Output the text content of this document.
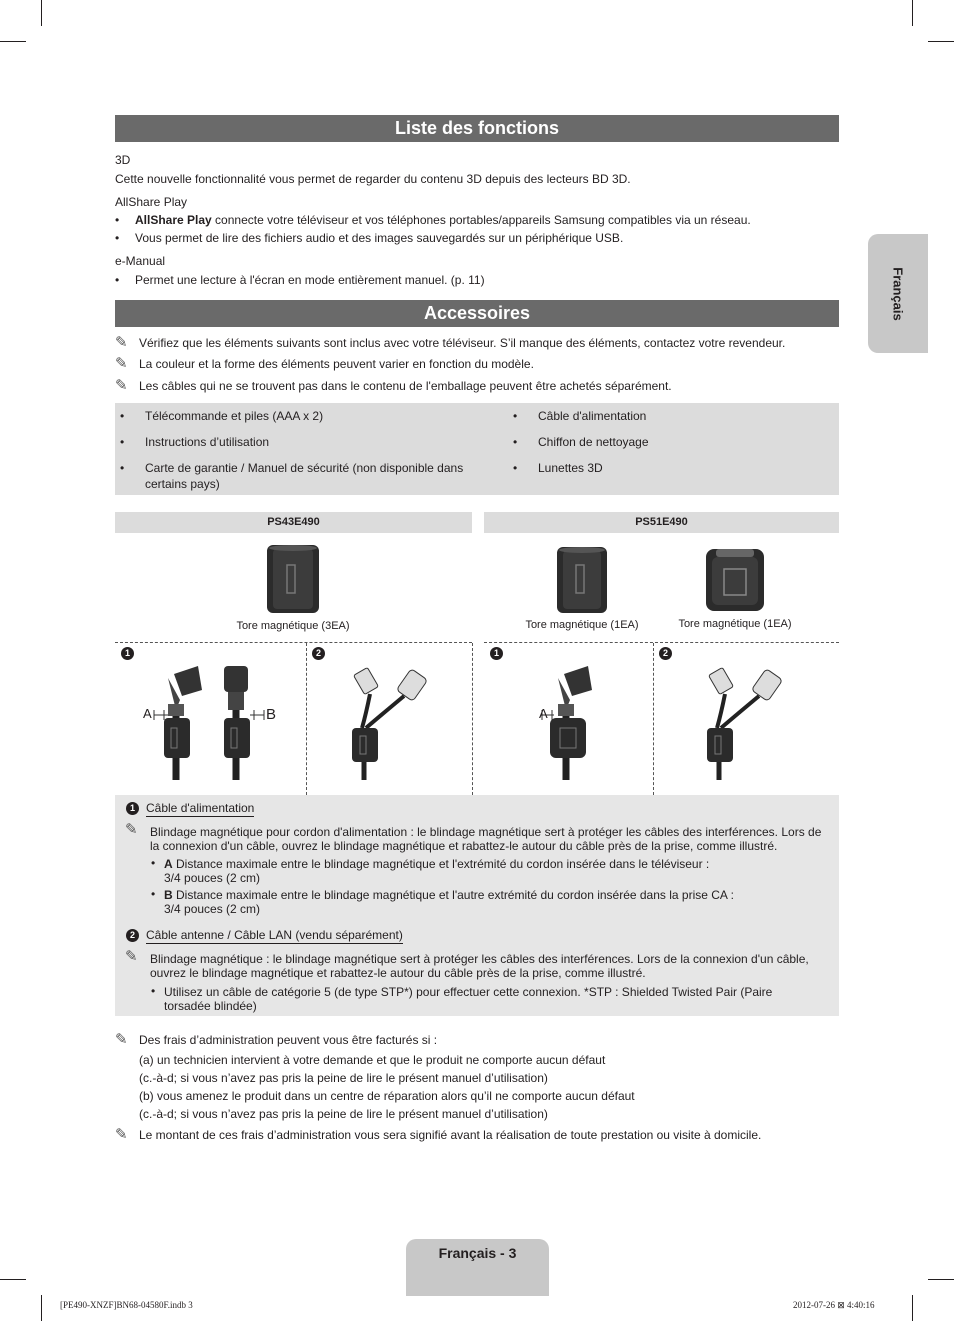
Liste des fonctions
3D
Cette nouvelle fonctionnalité vous permet de regarder du contenu 3D depuis des lecteurs BD 3D.
AllShare Play
• AllShare Play connecte votre téléviseur et vos téléphones portables/appareils Samsung compatibles via un réseau.
• Vous permet de lire des fichiers audio et des images sauvegardés sur un périphérique USB.
e-Manual
• Permet une lecture à l'écran en mode entièrement manuel. (p. 11)	Français
Accessoires
✎ Vérifiez que les éléments suivants sont inclus avec votre téléviseur. S’il manque des éléments, contactez votre revendeur.
✎ La couleur et la forme des éléments peuvent varier en fonction du modèle.
✎ Les câbles qui ne se trouvent pas dans le contenu de l'emballage peuvent être achetés séparément.
• Télécommande et piles (AAA x 2)
• Instructions d’utilisation
• Carte de garantie / Manuel de sécurité (non disponible dans certains pays)
• Câble d'alimentation
• Chiffon de nettoyage
• Lunettes 3D
PS43E490	PS51E490
Tore magnétique (3EA)	Tore magnétique (1EA)	Tore magnétique (1EA)
1	2	1	2
A	B	A
1 Câble d'alimentation
✎ Blindage magnétique pour cordon d'alimentation : le blindage magnétique sert à protéger les câbles des interférences. Lors de la connexion d'un câble, ouvrez le blindage magnétique et rabattez-le autour du câble près de la prise, comme illustré.
• A Distance maximale entre le blindage magnétique et l'extrémité du cordon insérée dans le téléviseur :
3/4 pouces (2 cm)
• B Distance maximale entre le blindage magnétique et l'autre extrémité du cordon insérée dans la prise CA :
3/4 pouces (2 cm)
2 Câble antenne / Câble LAN (vendu séparément)
✎ Blindage magnétique : le blindage magnétique sert à protéger les câbles des interférences. Lors de la connexion d'un câble, ouvrez le blindage magnétique et rabattez-le autour du câble près de la prise, comme illustré.
• Utilisez un câble de catégorie 5 (de type STP*) pour effectuer cette connexion. *STP : Shielded Twisted Pair (Paire torsadée blindée)
✎ Des frais d’administration peuvent vous être facturés si :
(a) un technicien intervient à votre demande et que le produit ne comporte aucun défaut
(c.-à-d; si vous n’avez pas pris la peine de lire le présent manuel d’utilisation)
(b) vous amenez le produit dans un centre de réparation alors qu’il ne comporte aucun défaut
(c.-à-d; si vous n’avez pas pris la peine de lire le présent manuel d’utilisation)
✎ Le montant de ces frais d’administration vous sera signifié avant la réalisation de toute prestation ou visite à domicile.
Français - 3
[PE490-XNZF]BN68-04580F.indb 3	2012-07-26 ⊠ 4:40:16
